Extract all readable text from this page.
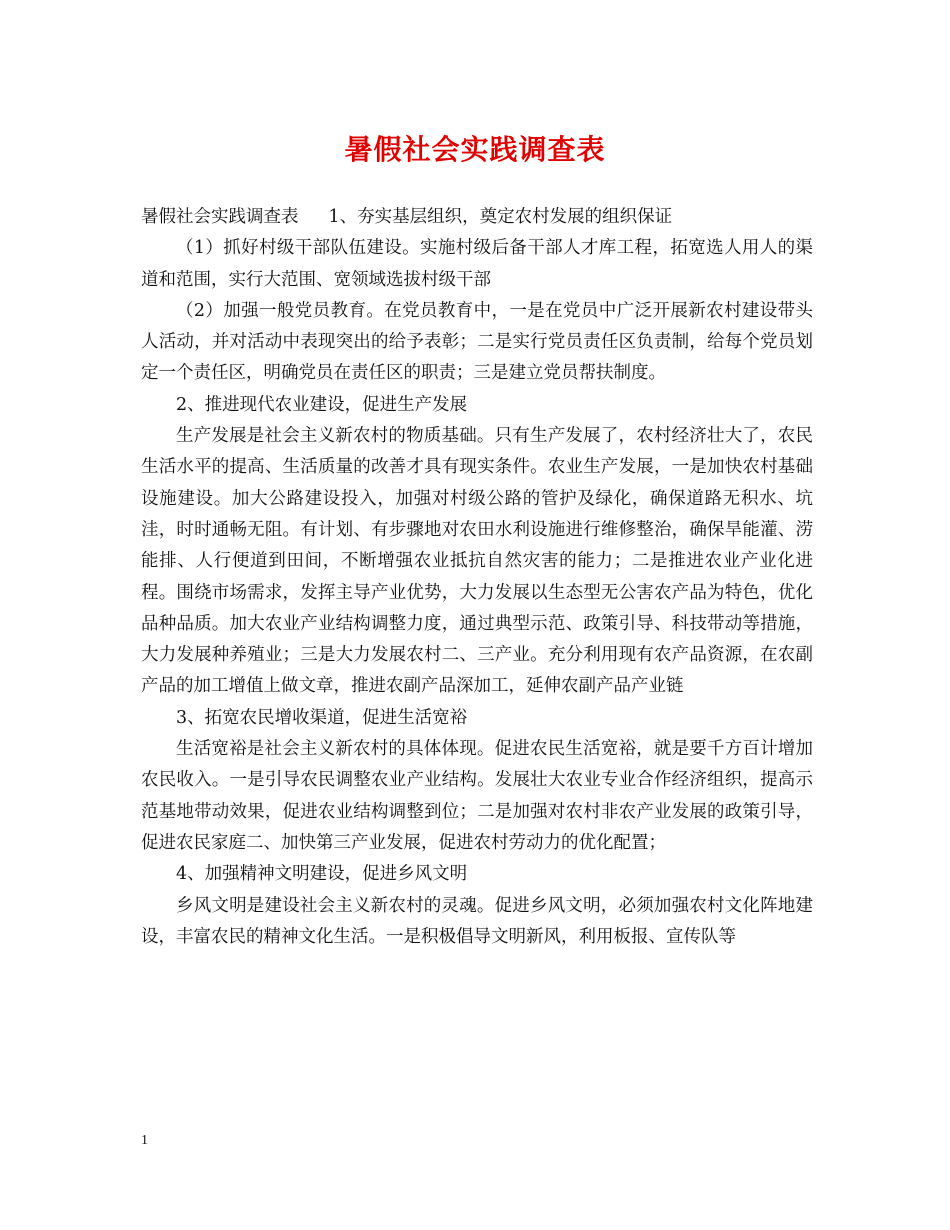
暑假社会实践调查表

暑假社会实践调查表 1、夯实基层组织，奠定农村发展的组织保证

（1）抓好村级干部队伍建设。实施村级后备干部人才库工程，拓宽选人用人的渠道和范围，实行大范围、宽领域选拔村级干部

（2）加强一般党员教育。在党员教育中，一是在党员中广泛开展新农村建设带头人活动，并对活动中表现突出的给予表彰；二是实行党员责任区负责制，给每个党员划定一个责任区，明确党员在责任区的职责；三是建立党员帮扶制度。

2、推进现代农业建设，促进生产发展

生产发展是社会主义新农村的物质基础。只有生产发展了，农村经济壮大了，农民生活水平的提高、生活质量的改善才具有现实条件。农业生产发展，一是加快农村基础设施建设。加大公路建设投入，加强对村级公路的管护及绿化，确保道路无积水、坑洼，时时通畅无阻。有计划、有步骤地对农田水利设施进行维修整治，确保旱能灌、涝能排、人行便道到田间，不断增强农业抵抗自然灾害的能力；二是推进农业产业化进程。围绕市场需求，发挥主导产业优势，大力发展以生态型无公害农产品为特色，优化品种品质。加大农业产业结构调整力度，通过典型示范、政策引导、科技带动等措施，大力发展种养殖业；三是大力发展农村二、三产业。充分利用现有农产品资源，在农副产品的加工增值上做文章，推进农副产品深加工，延伸农副产品产业链

3、拓宽农民增收渠道，促进生活宽裕

生活宽裕是社会主义新农村的具体体现。促进农民生活宽裕，就是要千方百计增加农民收入。一是引导农民调整农业产业结构。发展壮大农业专业合作经济组织，提高示范基地带动效果，促进农业结构调整到位；二是加强对农村非农产业发展的政策引导，促进农民家庭二、加快第三产业发展，促进农村劳动力的优化配置；

4、加强精神文明建设，促进乡风文明

乡风文明是建设社会主义新农村的灵魂。促进乡风文明，必须加强农村文化阵地建设，丰富农民的精神文化生活。一是积极倡导文明新风，利用板报、宣传队等

1
